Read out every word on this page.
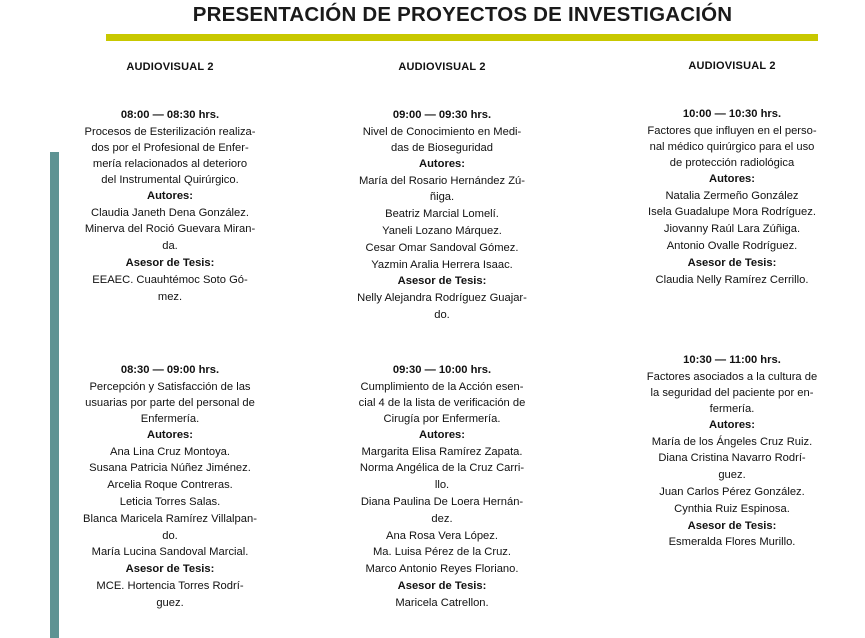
PRESENTACIÓN DE PROYECTOS DE INVESTIGACIÓN
AUDIOVISUAL 2

08:00 — 08:30 hrs.

Procesos de Esterilización realiza-

dos por el Profesional de Enfer-

mería relacionados al deterioro

del Instrumental Quirúrgico.

Autores:

Claudia Janeth Dena González.

Minerva del Roció Guevara Miran-

da.

Asesor de Tesis:

EEAEC. Cuauhtémoc Soto Gó-

mez.

08:30 — 09:00 hrs.

Percepción y Satisfacción de las

usuarias por parte del personal de

Enfermería.

Autores:

Ana Lina Cruz Montoya.

Susana Patricia Núñez Jiménez.

Arcelia Roque Contreras.

Leticia Torres Salas.

Blanca Maricela Ramírez Villalpan-

do.

María Lucina Sandoval Marcial.

Asesor de Tesis:

MCE. Hortencia Torres Rodrí-

guez.

AUDIOVISUAL 2

09:00 — 09:30 hrs.

Nivel de Conocimiento en Medi-

das de Bioseguridad

Autores:

María del Rosario Hernández Zú-

ñiga.

Beatriz Marcial Lomelí.

Yaneli Lozano Márquez.

Cesar Omar Sandoval Gómez.

Yazmin Aralia Herrera Isaac.

Asesor de Tesis:

Nelly Alejandra Rodríguez Guajar-

do.

09:30 — 10:00 hrs.

Cumplimiento de la Acción esen-

cial 4 de la lista de verificación de

Cirugía por Enfermería.

Autores:

Margarita Elisa Ramírez Zapata.

Norma Angélica de la Cruz Carri-

llo.

Diana Paulina De Loera Hernán-

dez.

Ana Rosa Vera López.

Ma. Luisa Pérez de la Cruz.

Marco Antonio Reyes Floriano.

Asesor de Tesis:

Maricela Catrellon.

AUDIOVISUAL 2

10:00 — 10:30 hrs.

Factores que influyen en el perso-

nal médico quirúrgico para el uso

de protección radiológica

Autores:

Natalia Zermeño González

Isela Guadalupe Mora Rodríguez.

Jiovanny Raúl Lara Zúñiga.

Antonio Ovalle Rodríguez.

Asesor de Tesis:

Claudia Nelly Ramírez Cerrillo.

10:30 — 11:00 hrs.

Factores asociados a la cultura de

la seguridad del paciente por en-

fermería.

Autores:

María de los Ángeles Cruz Ruiz.

Diana Cristina Navarro Rodrí-

guez.

Juan Carlos Pérez González.

Cynthia Ruiz Espinosa.

Asesor de Tesis:

Esmeralda Flores Murillo.
